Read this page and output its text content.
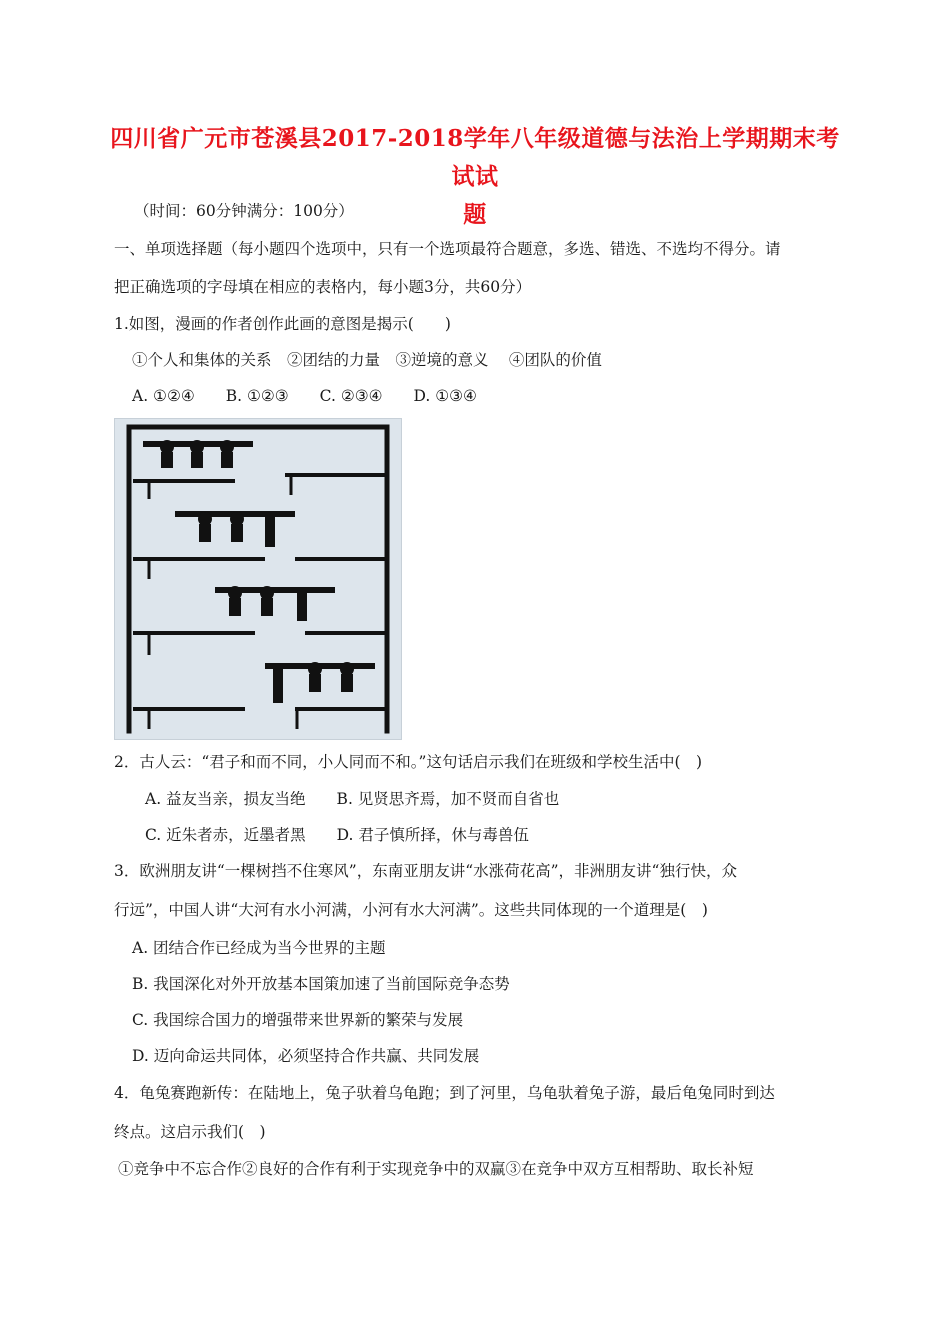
四川省广元市苍溪县2017-2018学年八年级道德与法治上学期期末考试试
题
（时间：60分钟满分：100分）
一、单项选择题（每小题四个选项中，只有一个选项最符合题意，多选、错选、不选均不得分。请
把正确选项的字母填在相应的表格内，每小题3分，共60分）
1.如图，漫画的作者创作此画的意图是揭示(　　)
①个人和集体的关系　②团结的力量　③逆境的意义　 ④团队的价值
A. ①②④　　B. ①②③　　C. ②③④　　D. ①③④
2．古人云：“君子和而不同，小人同而不和。”这句话启示我们在班级和学校生活中(　)
A. 益友当亲，损友当绝　　B. 见贤思齐焉，加不贤而自省也
C. 近朱者赤，近墨者黑　　D. 君子慎所择，休与毒兽伍
3．欧洲朋友讲“一棵树挡不住寒风”，东南亚朋友讲“水涨荷花高”，非洲朋友讲“独行快，众
行远”，中国人讲“大河有水小河满，小河有水大河满”。这些共同体现的一个道理是(　)
A. 团结合作已经成为当今世界的主题
B. 我国深化对外开放基本国策加速了当前国际竞争态势
C. 我国综合国力的增强带来世界新的繁荣与发展
D. 迈向命运共同体，必须坚持合作共赢、共同发展
4．龟兔赛跑新传：在陆地上，兔子驮着乌龟跑；到了河里，乌龟驮着兔子游，最后龟兔同时到达
终点。这启示我们(　)
①竞争中不忘合作②良好的合作有利于实现竞争中的双赢③在竞争中双方互相帮助、取长补短
